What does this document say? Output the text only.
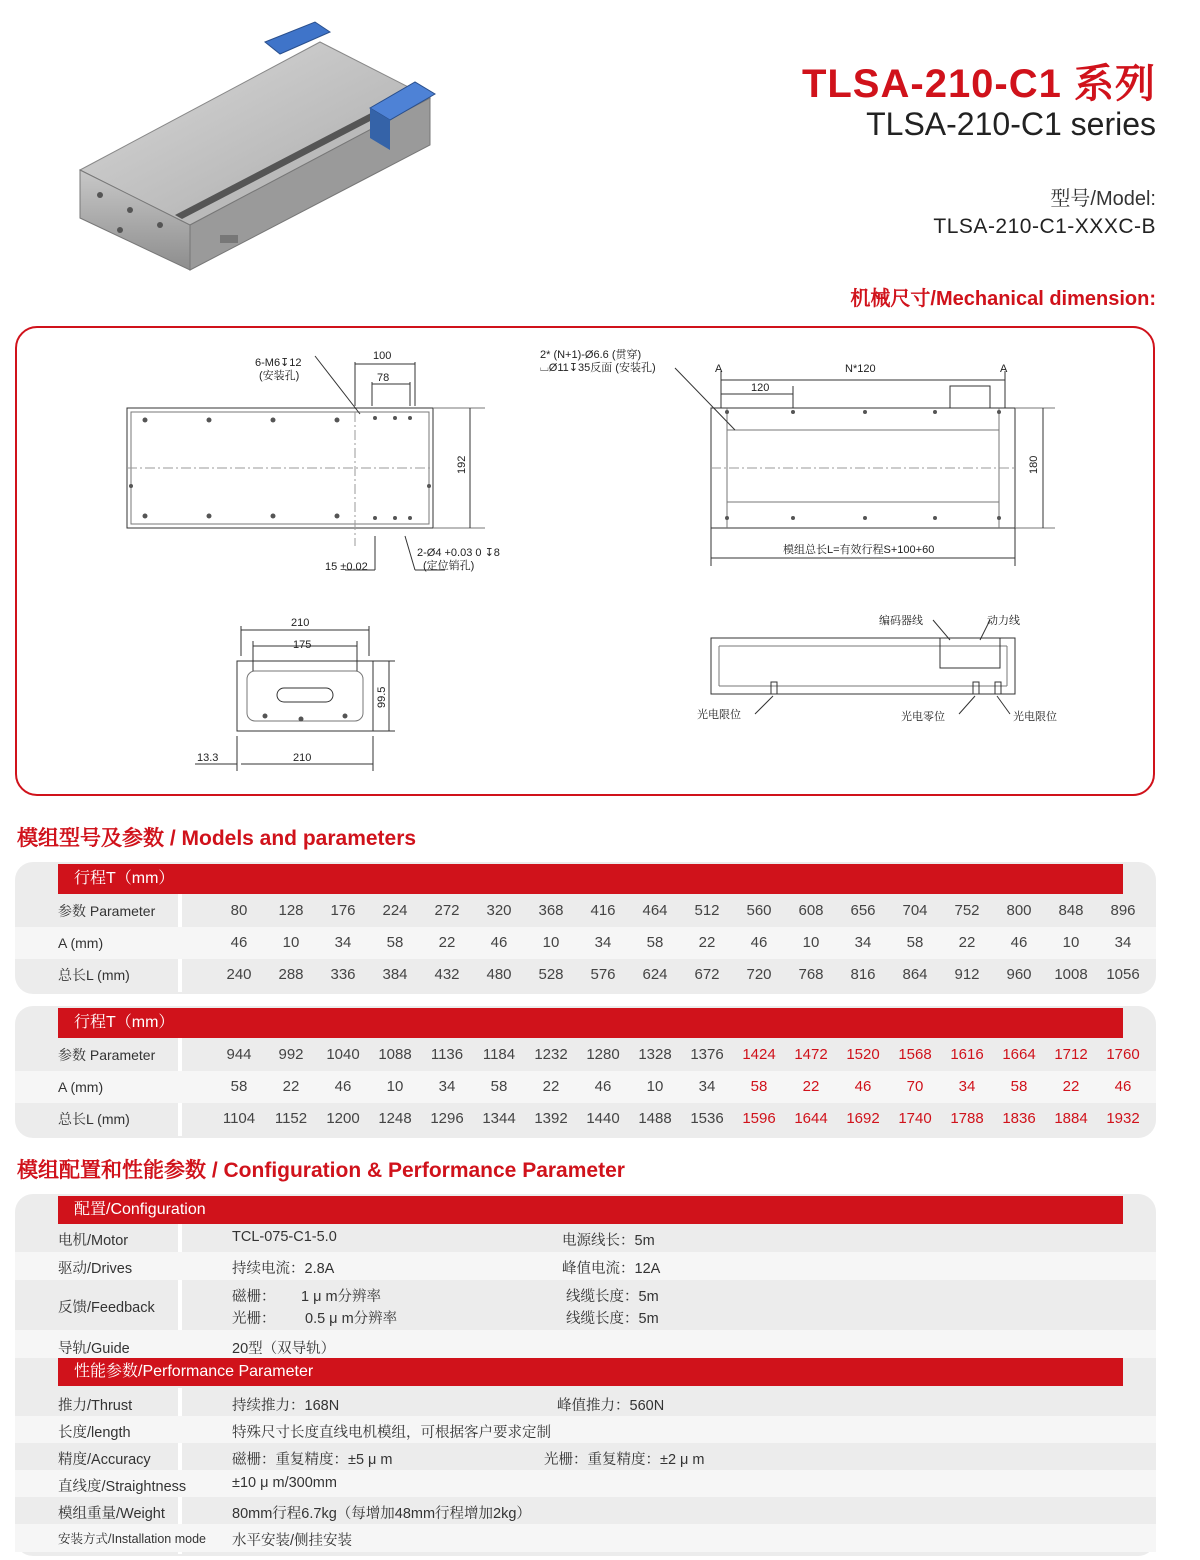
TLSA-210-C1 系列
TLSA-210-C1 series
型号/Model:
TLSA-210-C1-XXXC-B
机械尺寸/Mechanical dimension:
6-M6↧12
(安装孔)
100
78
192
15 ±0.02
2-Ø4 +0.03 0 ↧8
(定位销孔)
2* (N+1)-Ø6.6 (贯穿)
⌴Ø11↧35反面 (安装孔)	A	A
N*120
120
180
模组总长L=有效行程S+100+60
210
175
99.5
13.3	210
编码器线	动力线
光电限位	光电零位	光电限位
模组型号及参数 / Models and parameters
行程T（mm）
参数 Parameter	80	128	176	224	272	320	368	416	464	512	560	608	656	704	752	800	848	896
A (mm)	46	10	34	58	22	46	10	34	58	22	46	10	34	58	22	46	10	34
总长L (mm)	240	288	336	384	432	480	528	576	624	672	720	768	816	864	912	960	1008	1056
行程T（mm）
参数 Parameter	944	992	1040	1088	1136	1184	1232	1280	1328	1376	1424	1472	1520	1568	1616	1664	1712	1760
A (mm)	58	22	46	10	34	58	22	46	10	34	58	22	46	70	34	58	22	46
总长L (mm)	1104	1152	1200	1248	1296	1344	1392	1440	1488	1536	1596	1644	1692	1740	1788	1836	1884	1932
模组配置和性能参数 / Configuration & Performance Parameter
配置/Configuration
电机/Motor	TCL-075-C1-5.0	电源线长：5m
驱动/Drives	持续电流：2.8A	峰值电流：12A
反馈/Feedback
磁栅： 1 μ m分辨率	线缆长度：5m
光栅： 0.5 μ m分辨率	线缆长度：5m
导轨/Guide	20型（双导轨）
性能参数/Performance Parameter
推力/Thrust	持续推力：168N	峰值推力：560N
长度/length	特殊尺寸长度直线电机模组，可根据客户要求定制
精度/Accuracy	磁栅：重复精度：±5 μ m	光栅：重复精度：±2 μ m
直线度/Straightness	±10 μ m/300mm
模组重量/Weight	80mm行程6.7kg（每增加48mm行程增加2kg）
安装方式/Installation mode 水平安装/侧挂安装
